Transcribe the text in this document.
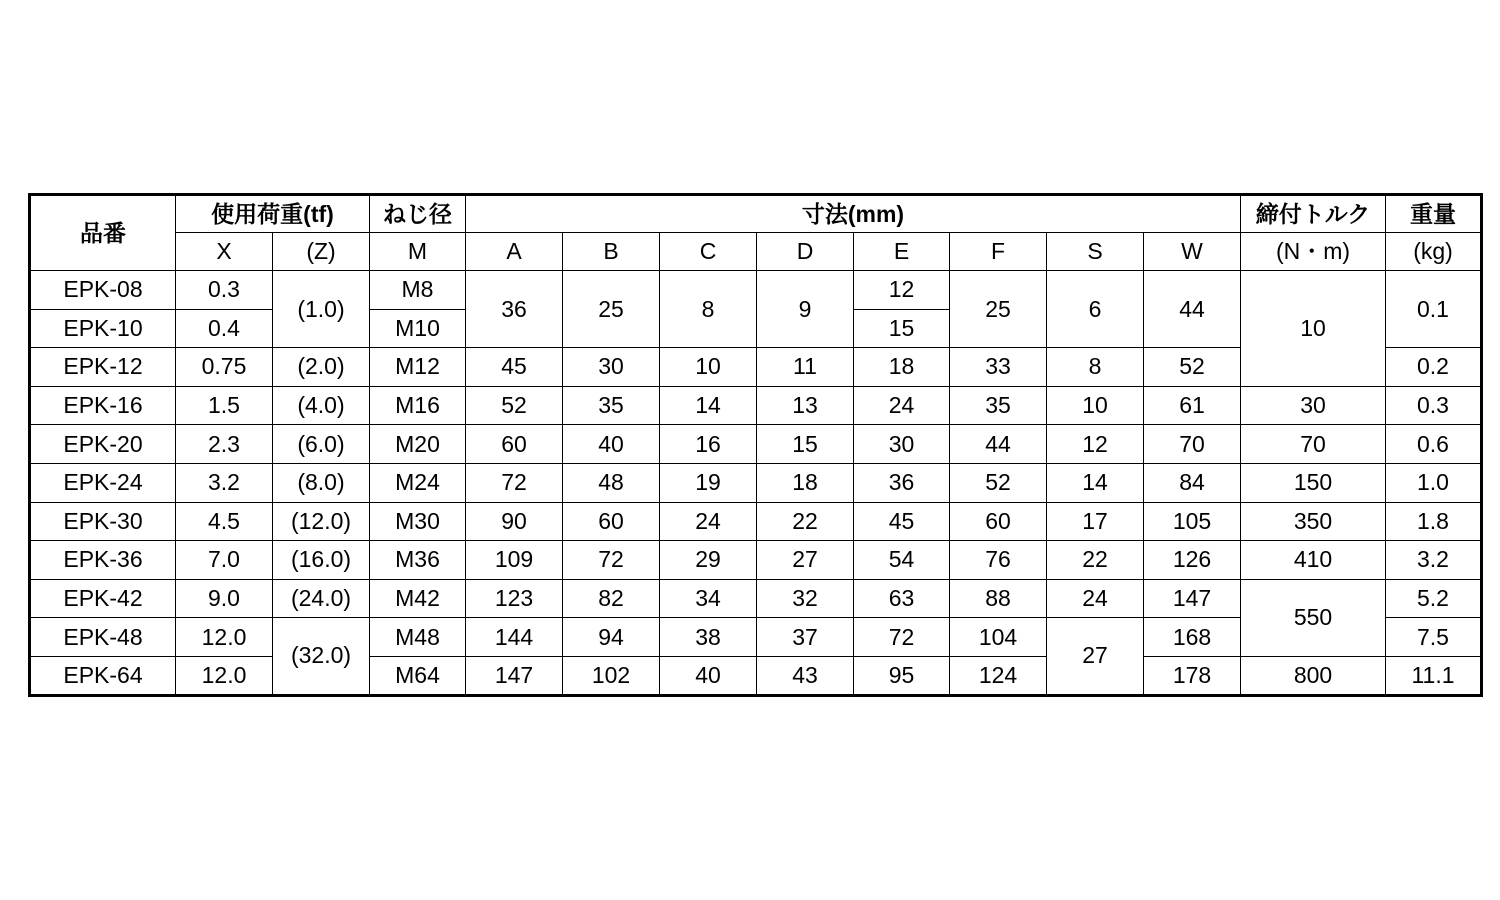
品番	使用荷重(tf)		ねじ径	寸法(mm)								締付トルク	重量
	X	(Z)	M	A	B	C	D	E	F	S	W	(N・m)	(kg)
EPK-08	0.3	(1.0)	M8	36	25	8	9	12	25	6	44	10	0.1
EPK-10	0.4		M10					15					
EPK-12	0.75	(2.0)	M12	45	30	10	11	18	33	8	52		0.2
EPK-16	1.5	(4.0)	M16	52	35	14	13	24	35	10	61	30	0.3
EPK-20	2.3	(6.0)	M20	60	40	16	15	30	44	12	70	70	0.6
EPK-24	3.2	(8.0)	M24	72	48	19	18	36	52	14	84	150	1.0
EPK-30	4.5	(12.0)	M30	90	60	24	22	45	60	17	105	350	1.8
EPK-36	7.0	(16.0)	M36	109	72	29	27	54	76	22	126	410	3.2
EPK-42	9.0	(24.0)	M42	123	82	34	32	63	88	24	147	550	5.2
EPK-48	12.0	(32.0)	M48	144	94	38	37	72	104	27	168		7.5
EPK-64	12.0		M64	147	102	40	43	95	124		178	800	11.1
